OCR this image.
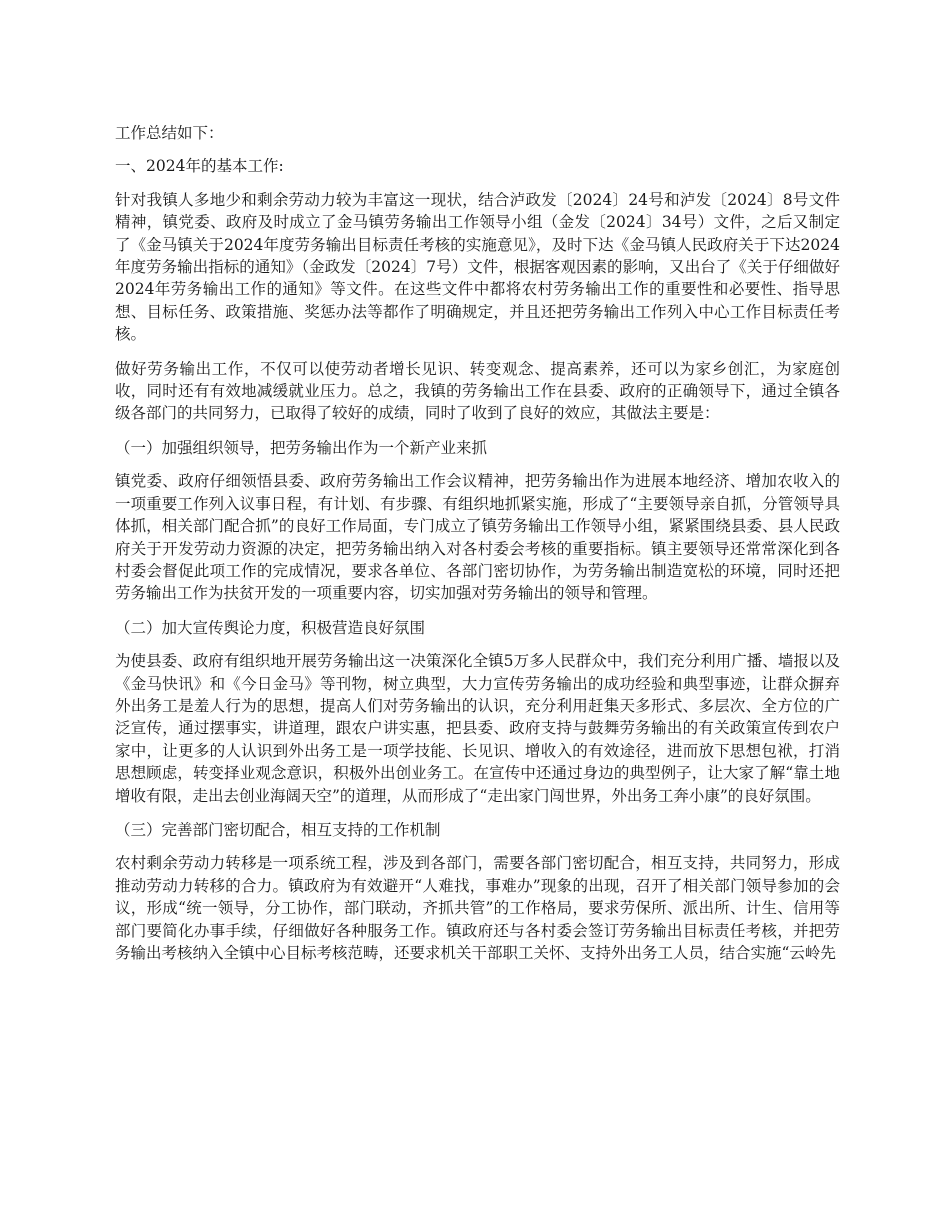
工作总结如下：

一、2024年的基本工作:

针对我镇人多地少和剩余劳动力较为丰富这一现状，结合泸政发〔2024〕24号和泸发〔2024〕8号文件精神，镇党委、政府及时成立了金马镇劳务输出工作领导小组（金发〔2024〕34号）文件，之后又制定了《金马镇关于2024年度劳务输出目标责任考核的实施意见》，及时下达《金马镇人民政府关于下达2024年度劳务输出指标的通知》（金政发〔2024〕7号）文件，根据客观因素的影响，又出台了《关于仔细做好2024年劳务输出工作的通知》等文件。在这些文件中都将农村劳务输出工作的重要性和必要性、指导思想、目标任务、政策措施、奖惩办法等都作了明确规定，并且还把劳务输出工作列入中心工作目标责任考核。

做好劳务输出工作，不仅可以使劳动者增长见识、转变观念、提高素养，还可以为家乡创汇，为家庭创收，同时还有有效地减缓就业压力。总之，我镇的劳务输出工作在县委、政府的正确领导下，通过全镇各级各部门的共同努力，已取得了较好的成绩，同时了收到了良好的效应，其做法主要是：

（一）加强组织领导，把劳务输出作为一个新产业来抓

镇党委、政府仔细领悟县委、政府劳务输出工作会议精神，把劳务输出作为进展本地经济、增加农收入的一项重要工作列入议事日程，有计划、有步骤、有组织地抓紧实施，形成了“主要领导亲自抓，分管领导具体抓，相关部门配合抓”的良好工作局面，专门成立了镇劳务输出工作领导小组，紧紧围绕县委、县人民政府关于开发劳动力资源的决定，把劳务输出纳入对各村委会考核的重要指标。镇主要领导还常常深化到各村委会督促此项工作的完成情况，要求各单位、各部门密切协作，为劳务输出制造宽松的环境，同时还把劳务输出工作为扶贫开发的一项重要内容，切实加强对劳务输出的领导和管理。

（二）加大宣传舆论力度，积极营造良好氛围

为使县委、政府有组织地开展劳务输出这一决策深化全镇5万多人民群众中，我们充分利用广播、墙报以及《金马快讯》和《今日金马》等刊物，树立典型，大力宣传劳务输出的成功经验和典型事迹，让群众摒弃外出务工是羞人行为的思想，提高人们对劳务输出的认识，充分利用赶集天多形式、多层次、全方位的广泛宣传，通过摆事实，讲道理，跟农户讲实惠，把县委、政府支持与鼓舞劳务输出的有关政策宣传到农户家中，让更多的人认识到外出务工是一项学技能、长见识、增收入的有效途径，进而放下思想包袱，打消思想顾虑，转变择业观念意识，积极外出创业务工。在宣传中还通过身边的典型例子，让大家了解“靠土地增收有限，走出去创业海阔天空”的道理，从而形成了“走出家门闯世界，外出务工奔小康”的良好氛围。

（三）完善部门密切配合，相互支持的工作机制

农村剩余劳动力转移是一项系统工程，涉及到各部门，需要各部门密切配合，相互支持，共同努力，形成推动劳动力转移的合力。镇政府为有效避开“人难找，事难办”现象的出现，召开了相关部门领导参加的会议，形成“统一领导，分工协作，部门联动，齐抓共管”的工作格局，要求劳保所、派出所、计生、信用等部门要简化办事手续，仔细做好各种服务工作。镇政府还与各村委会签订劳务输出目标责任考核，并把劳务输出考核纳入全镇中心目标考核范畴，还要求机关干部职工关怀、支持外出务工人员，结合实施“云岭先
